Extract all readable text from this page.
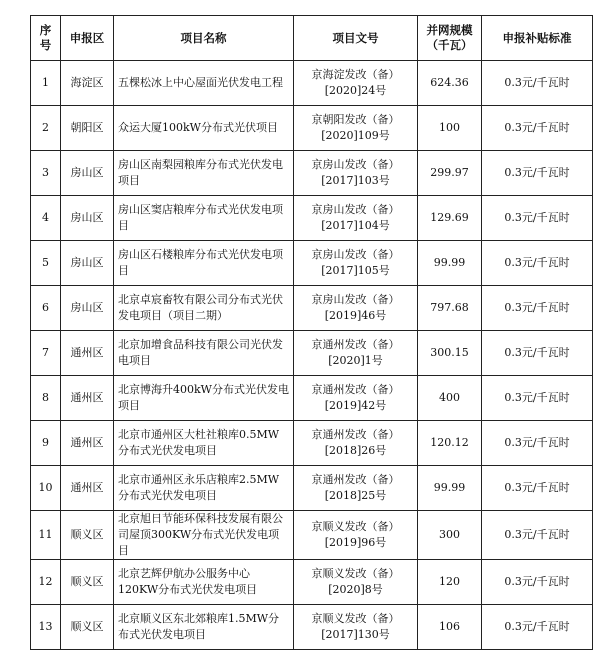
序号	申报区	项目名称	项目文号	并网规模（千瓦）	申报补贴标准
1	海淀区	五棵松冰上中心屋面光伏发电工程	京海淀发改（备）[2020]24号	624.36	0.3元/千瓦时
2	朝阳区	众运大厦100kW分布式光伏项目	京朝阳发改（备）[2020]109号	100	0.3元/千瓦时
3	房山区	房山区南梨园粮库分布式光伏发电项目	京房山发改（备）[2017]103号	299.97	0.3元/千瓦时
4	房山区	房山区窦店粮库分布式光伏发电项目	京房山发改（备）[2017]104号	129.69	0.3元/千瓦时
5	房山区	房山区石楼粮库分布式光伏发电项目	京房山发改（备）[2017]105号	99.99	0.3元/千瓦时
6	房山区	北京卓宸畜牧有限公司分布式光伏发电项目（项目二期）	京房山发改（备）[2019]46号	797.68	0.3元/千瓦时
7	通州区	北京加增食品科技有限公司光伏发电项目	京通州发改（备）[2020]1号	300.15	0.3元/千瓦时
8	通州区	北京博海升400kW分布式光伏发电项目	京通州发改（备）[2019]42号	400	0.3元/千瓦时
9	通州区	北京市通州区大杜社粮库0.5MW分布式光伏发电项目	京通州发改（备）[2018]26号	120.12	0.3元/千瓦时
10	通州区	北京市通州区永乐店粮库2.5MW分布式光伏发电项目	京通州发改（备）[2018]25号	99.99	0.3元/千瓦时
11	顺义区	北京旭日节能环保科技发展有限公司屋顶300KW分布式光伏发电项目	京顺义发改（备）[2019]96号	300	0.3元/千瓦时
12	顺义区	北京艺辉伊航办公服务中心120KW分布式光伏发电项目	京顺义发改（备）[2020]8号	120	0.3元/千瓦时
13	顺义区	北京顺义区东北郊粮库1.5MW分布式光伏发电项目	京顺义发改（备）[2017]130号	106	0.3元/千瓦时
